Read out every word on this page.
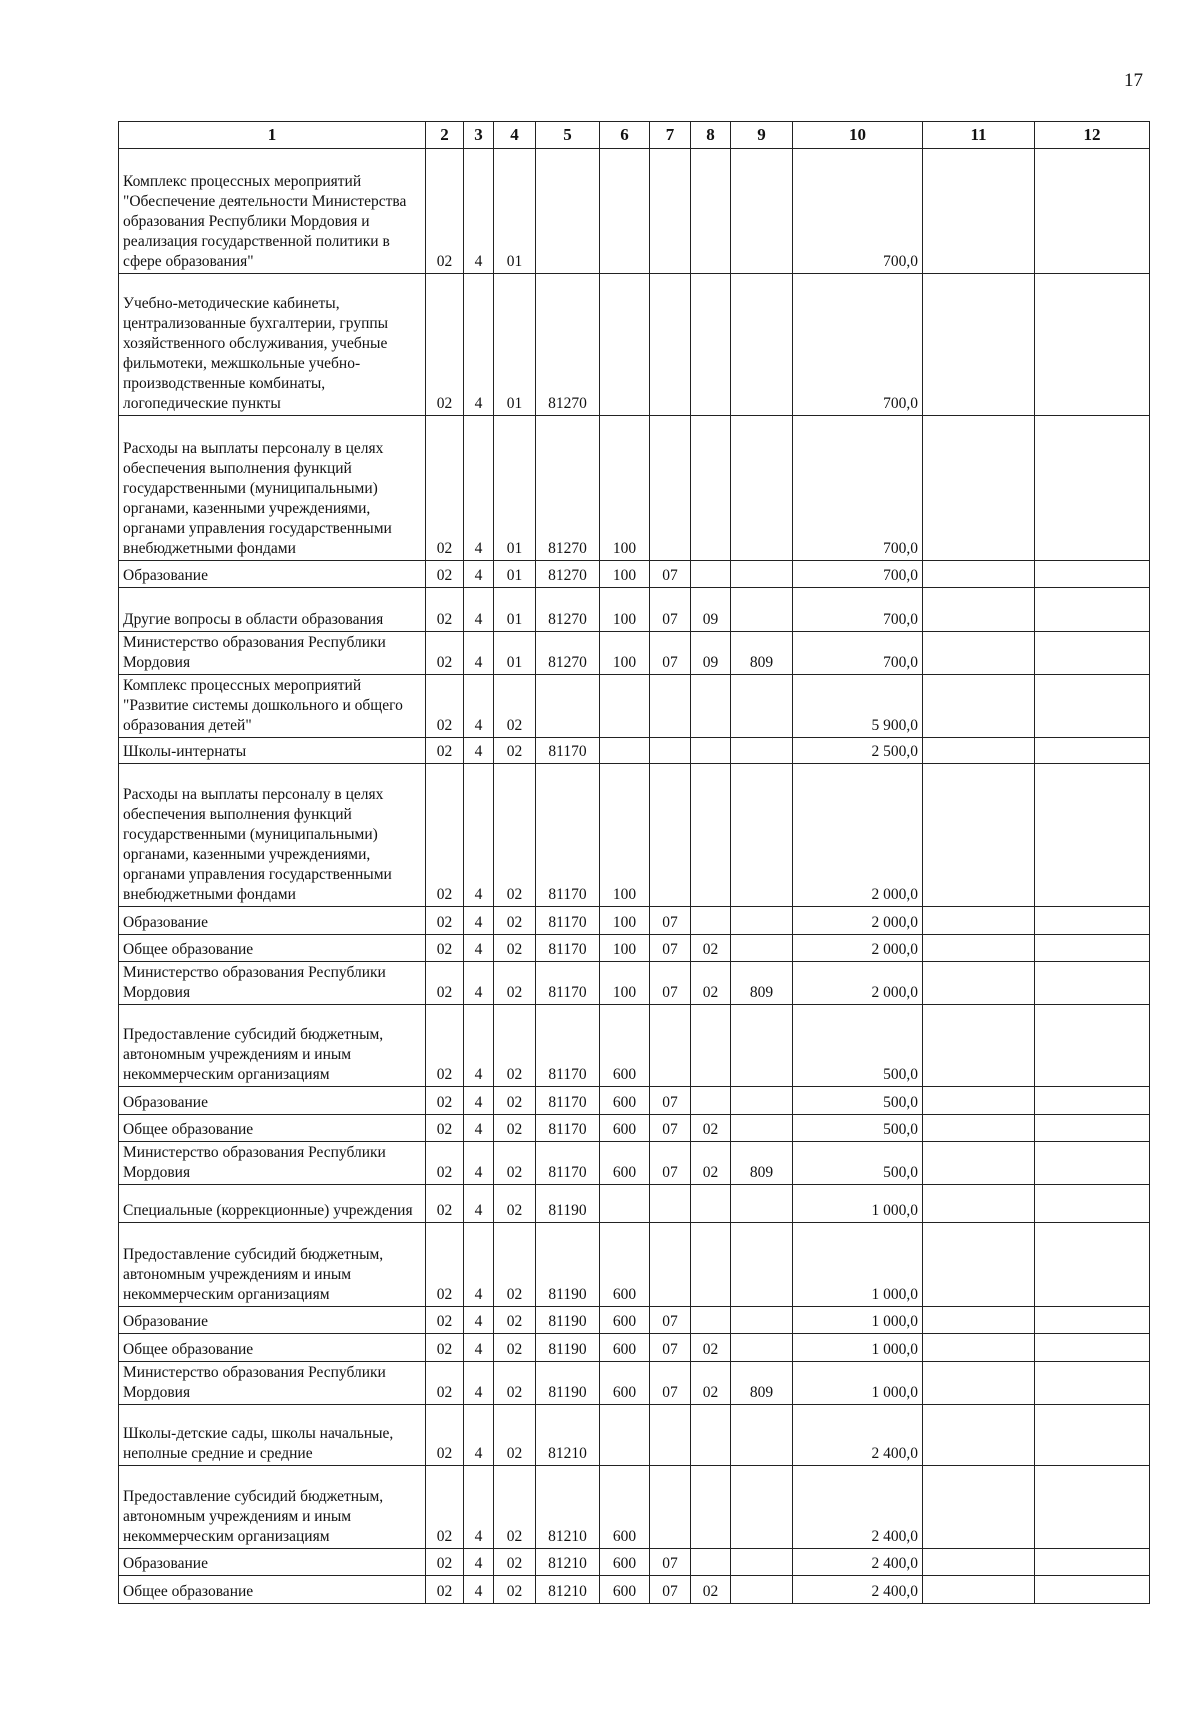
17
1	2	3	4	5	6	7	8	9	10	11	12
Комплекс процессных мероприятий "Обеспечение деятельности Министерства образования Республики Мордовия и реализация государственной политики в сфере образования"	02	4	01						700,0		
Учебно-методические кабинеты, централизованные бухгалтерии, группы хозяйственного обслуживания, учебные фильмотеки, межшкольные учебно-производственные комбинаты, логопедические пункты	02	4	01	81270					700,0		
Расходы на выплаты персоналу в целях обеспечения выполнения функций государственными (муниципальными) органами, казенными учреждениями, органами управления государственными внебюджетными фондами	02	4	01	81270	100				700,0		
Образование	02	4	01	81270	100	07			700,0		
Другие вопросы в области образования	02	4	01	81270	100	07	09		700,0		
Министерство образования Республики Мордовия	02	4	01	81270	100	07	09	809	700,0		
Комплекс процессных мероприятий "Развитие системы дошкольного и общего образования детей"	02	4	02						5 900,0		
Школы-интернаты	02	4	02	81170					2 500,0		
Расходы на выплаты персоналу в целях обеспечения выполнения функций государственными (муниципальными) органами, казенными учреждениями, органами управления государственными внебюджетными фондами	02	4	02	81170	100				2 000,0		
Образование	02	4	02	81170	100	07			2 000,0		
Общее образование	02	4	02	81170	100	07	02		2 000,0		
Министерство образования Республики Мордовия	02	4	02	81170	100	07	02	809	2 000,0		
Предоставление субсидий бюджетным, автономным учреждениям и иным некоммерческим организациям	02	4	02	81170	600				500,0		
Образование	02	4	02	81170	600	07			500,0		
Общее образование	02	4	02	81170	600	07	02		500,0		
Министерство образования Республики Мордовия	02	4	02	81170	600	07	02	809	500,0		
Специальные (коррекционные) учреждения	02	4	02	81190					1 000,0		
Предоставление субсидий бюджетным, автономным учреждениям и иным некоммерческим организациям	02	4	02	81190	600				1 000,0		
Образование	02	4	02	81190	600	07			1 000,0		
Общее образование	02	4	02	81190	600	07	02		1 000,0		
Министерство образования Республики Мордовия	02	4	02	81190	600	07	02	809	1 000,0		
Школы-детские сады, школы начальные, неполные средние и средние	02	4	02	81210					2 400,0		
Предоставление субсидий бюджетным, автономным учреждениям и иным некоммерческим организациям	02	4	02	81210	600				2 400,0		
Образование	02	4	02	81210	600	07			2 400,0		
Общее образование	02	4	02	81210	600	07	02		2 400,0		
